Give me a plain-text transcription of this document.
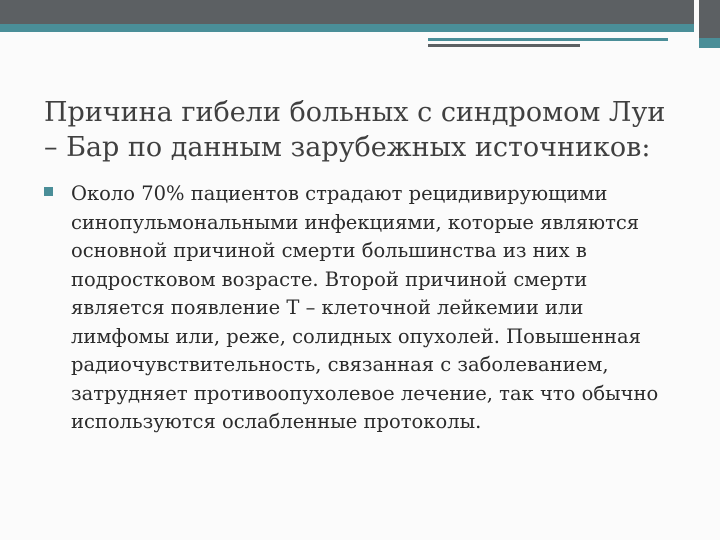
Причина гибели больных с синдромом Луи – Бар по данным зарубежных источников:

Около 70% пациентов страдают рецидивирующими синопульмональными инфекциями, которые являются основной причиной смерти большинства из них в подростковом возрасте. Второй причиной смерти является появление Т – клеточной лейкемии или лимфомы или, реже, солидных опухолей. Повышенная радиочувствительность, связанная с заболеванием, затрудняет противоопухолевое лечение, так что обычно используются ослабленные протоколы.
